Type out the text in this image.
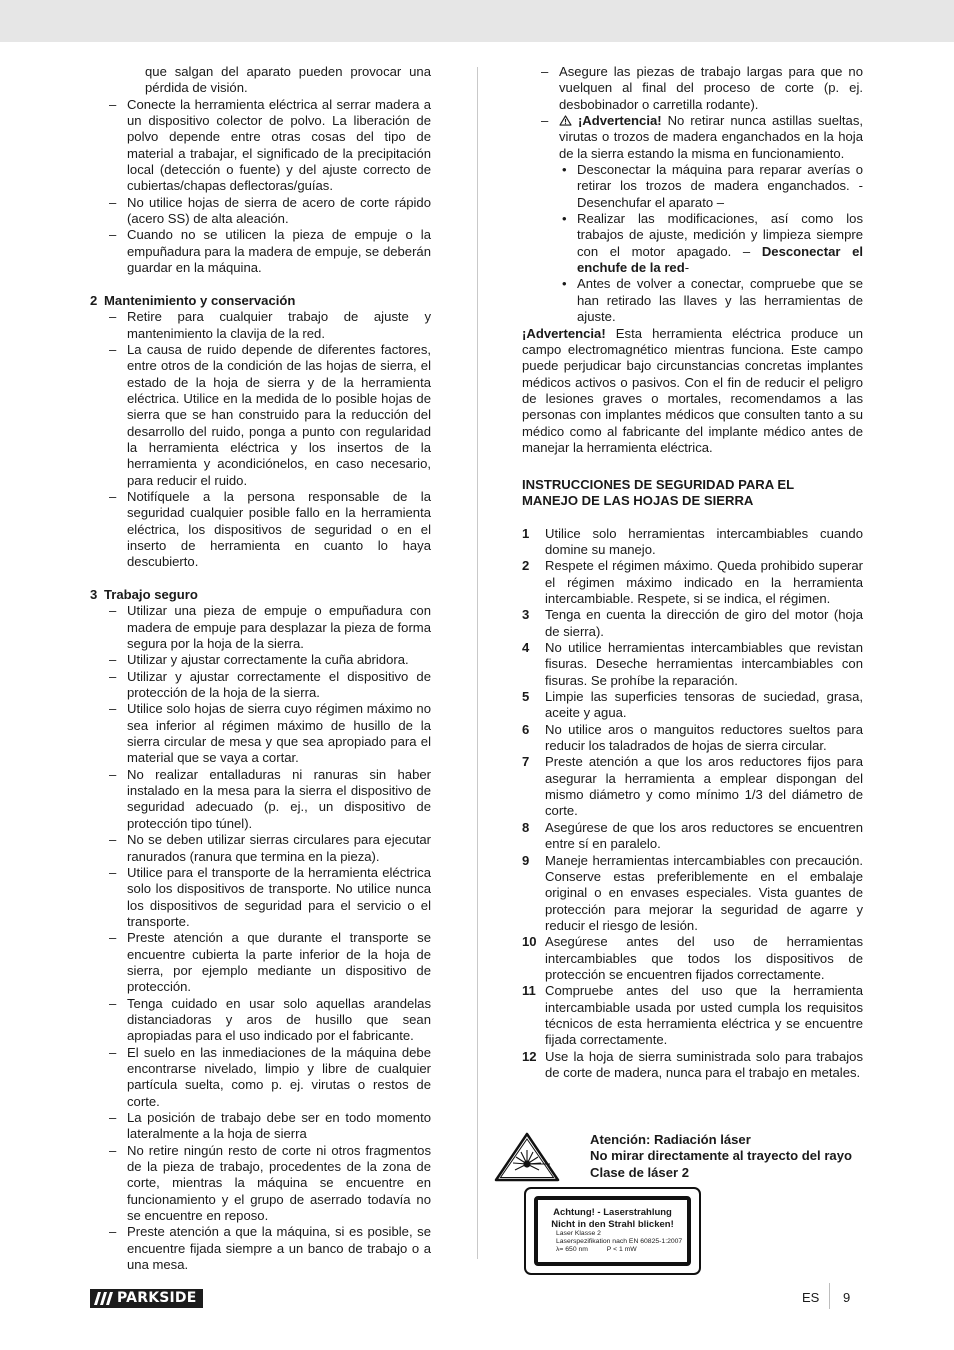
que salgan del aparato pueden provocar una pérdida de visión.

– Conecte la herramienta eléctrica al serrar madera a un dispositivo colector de polvo. La liberación de polvo depende entre otras cosas del tipo de material a trabajar, el significado de la precipitación local (detección o fuente) y del ajuste correcto de cubiertas/chapas deflectoras/guías.

– No utilice hojas de sierra de acero de corte rápido (acero SS) de alta aleación.

– Cuando no se utilicen la pieza de empuje o la empuñadura para la madera de empuje, se deberán guardar en la máquina.

2 Mantenimiento y conservación

– Retire para cualquier trabajo de ajuste y mantenimiento la clavija de la red.

– La causa de ruido depende de diferentes factores, entre otros de la condición de las hojas de sierra, el estado de la hoja de sierra y de la herramienta eléctrica. Utilice en la medida de lo posible hojas de sierra que se han construido para la reducción del desarrollo del ruido, ponga a punto con regularidad la herramienta eléctrica y los insertos de la herramienta y acondiciónelos, en caso necesario, para reducir el ruido.

– Notifíquele a la persona responsable de la seguridad cualquier posible fallo en la herramienta eléctrica, los dispositivos de seguridad o en el inserto de herramienta en cuanto lo haya descubierto.

3 Trabajo seguro

– Utilizar una pieza de empuje o empuñadura con madera de empuje para desplazar la pieza de forma segura por la hoja de la sierra.

– Utilizar y ajustar correctamente la cuña abridora.

– Utilizar y ajustar correctamente el dispositivo de protección de la hoja de la sierra.

– Utilice solo hojas de sierra cuyo régimen máximo no sea inferior al régimen máximo de husillo de la sierra circular de mesa y que sea apropiado para el material que se vaya a cortar.

– No realizar entalladuras ni ranuras sin haber instalado en la mesa para la sierra el dispositivo de seguridad adecuado (p. ej., un dispositivo de protección tipo túnel).

– No se deben utilizar sierras circulares para ejecutar ranurados (ranura que termina en la pieza).

– Utilice para el transporte de la herramienta eléctrica solo los dispositivos de transporte. No utilice nunca los dispositivos de seguridad para el servicio o el transporte.

– Preste atención a que durante el transporte se encuentre cubierta la parte inferior de la hoja de sierra, por ejemplo mediante un dispositivo de protección.

– Tenga cuidado en usar solo aquellas arandelas distanciadoras y aros de husillo que sean apropiadas para el uso indicado por el fabricante.

– El suelo en las inmediaciones de la máquina debe encontrarse nivelado, limpio y libre de cualquier partícula suelta, como p. ej. virutas o restos de corte.

– La posición de trabajo debe ser en todo momento lateralmente a la hoja de sierra

– No retire ningún resto de corte ni otros fragmentos de la pieza de trabajo, procedentes de la zona de corte, mientras la máquina se encuentre en funcionamiento y el grupo de aserrado todavía no se encuentre en reposo.

– Preste atención a que la máquina, si es posible, se encuentre fijada siempre a un banco de trabajo o a una mesa.

– Asegure las piezas de trabajo largas para que no vuelquen al final del proceso de corte (p. ej. desbobinador o carretilla rodante).

– ¡Advertencia! No retirar nunca astillas sueltas, virutas o trozos de madera enganchados en la hoja de la sierra estando la misma en funcionamiento.

• Desconectar la máquina para reparar averías o retirar los trozos de madera enganchados. - Desenchufar el aparato –

• Realizar las modificaciones, así como los trabajos de ajuste, medición y limpieza siempre con el motor apagado. – Desconectar el enchufe de la red-

• Antes de volver a conectar, compruebe que se han retirado las llaves y las herramientas de ajuste.

¡Advertencia! Esta herramienta eléctrica produce un campo electromagnético mientras funciona. Este campo puede perjudicar bajo circunstancias concretas implantes médicos activos o pasivos. Con el fin de reducir el peligro de lesiones graves o mortales, recomendamos a las personas con implantes médicos que consulten tanto a su médico como al fabricante del implante médico antes de manejar la herramienta eléctrica.

INSTRUCCIONES DE SEGURIDAD PARA EL
MANEJO DE LAS HOJAS DE SIERRA

1 Utilice solo herramientas intercambiables cuando domine su manejo.

2 Respete el régimen máximo. Queda prohibido superar el régimen máximo indicado en la herramienta intercambiable. Respete, si se indica, el régimen.

3 Tenga en cuenta la dirección de giro del motor (hoja de sierra).

4 No utilice herramientas intercambiables que revistan fisuras. Deseche herramientas intercambiables con fisuras. Se prohíbe la reparación.

5 Limpie las superficies tensoras de suciedad, grasa, aceite y agua.

6 No utilice aros o manguitos reductores sueltos para reducir los taladrados de hojas de sierra circular.

7 Preste atención a que los aros reductores fijos para asegurar la herramienta a emplear dispongan del mismo diámetro y como mínimo 1/3 del diámetro de corte.

8 Asegúrese de que los aros reductores se encuentren entre sí en paralelo.

9 Maneje herramientas intercambiables con precaución. Conserve estas preferiblemente en el embalaje original o en envases especiales. Vista guantes de protección para mejorar la seguridad de agarre y reducir el riesgo de lesión.

10 Asegúrese antes del uso de herramientas intercambiables que todos los dispositivos de protección se encuentren fijados correctamente.

11 Compruebe antes del uso que la herramienta intercambiable usada por usted cumpla los requisitos técnicos de esta herramienta eléctrica y se encuentre fijada correctamente.

12 Use la hoja de sierra suministrada solo para trabajos de corte de madera, nunca para el trabajo en metales.

Atención: Radiación láser
No mirar directamente al trayecto del rayo
Clase de láser 2
Achtung! - Laserstrahlung
Nicht in den Strahl blicken!
Laser Klasse 2
Laserspezifikation nach EN 60825-1:2007
λ= 650 nm          P < 1 mW
PARKSIDE	ES 9
